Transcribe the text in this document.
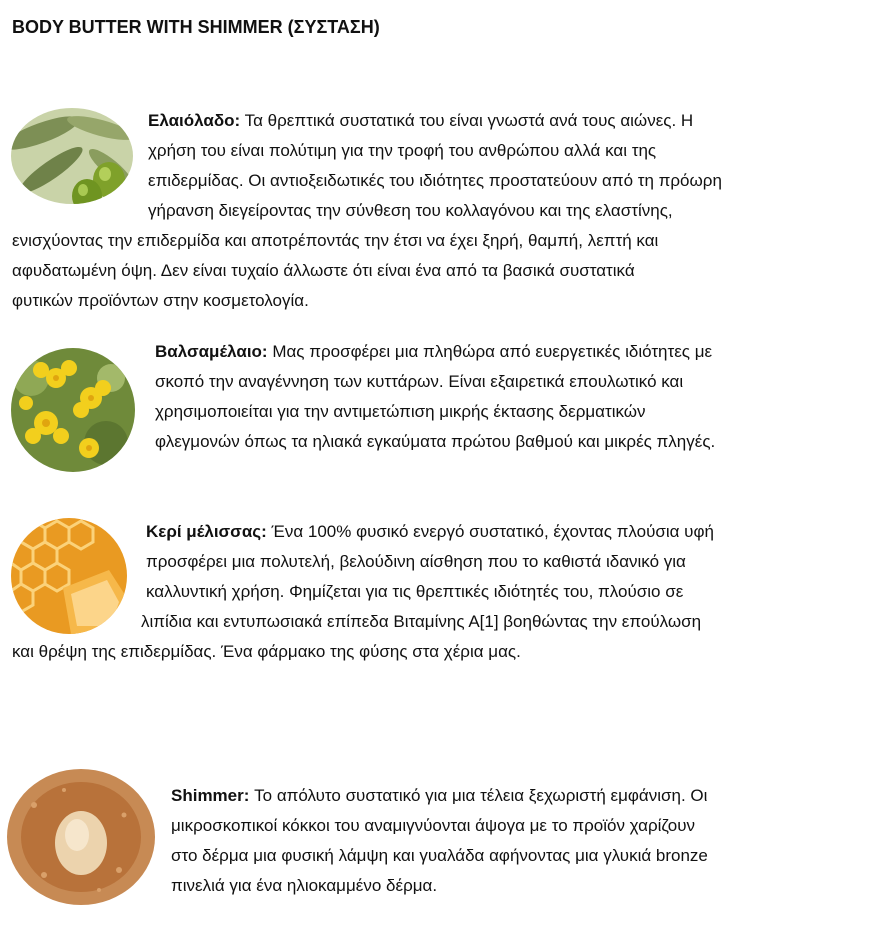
BODY BUTTER WITH SHIMMER (ΣΥΣΤΑΣΗ)
Ελαιόλαδο: Τα θρεπτικά συστατικά του είναι γνωστά ανά τους αιώνες. Η
χρήση του είναι πολύτιμη για την τροφή του ανθρώπου αλλά και της
επιδερμίδας. Οι αντιοξειδωτικές του ιδιότητες προστατεύουν από τη πρόωρη
γήρανση διεγείροντας την σύνθεση του κολλαγόνου και της ελαστίνης,
ενισχύοντας την επιδερμίδα και αποτρέποντάς την έτσι να έχει ξηρή, θαμπή, λεπτή και
αφυδατωμένη όψη. Δεν είναι τυχαίο άλλωστε ότι είναι ένα από τα βασικά συστατικά
φυτικών προϊόντων στην κοσμετολογία.
Βαλσαμέλαιο: Μας προσφέρει μια πληθώρα από ευεργετικές ιδιότητες με
σκοπό την αναγέννηση των κυττάρων. Είναι εξαιρετικά επουλωτικό και
χρησιμοποιείται για την αντιμετώπιση μικρής έκτασης δερματικών
φλεγμονών όπως τα ηλιακά εγκαύματα πρώτου βαθμού και μικρές πληγές.
Κερί μέλισσας: Ένα 100% φυσικό ενεργό συστατικό, έχοντας πλούσια υφή
προσφέρει μια πολυτελή, βελούδινη αίσθηση που το καθιστά ιδανικό για
καλλυντική χρήση. Φημίζεται για τις θρεπτικές ιδιότητές του, πλούσιο σε
λιπίδια και εντυπωσιακά επίπεδα Βιταμίνης Α[1] βοηθώντας την επούλωση
και θρέψη της επιδερμίδας. Ένα φάρμακο της φύσης στα χέρια μας.
Shimmer: Το απόλυτο συστατικό για μια τέλεια ξεχωριστή εμφάνιση. Οι
μικροσκοπικοί κόκκοι του αναμιγνύονται άψογα με το προϊόν χαρίζουν
στο δέρμα μια φυσική λάμψη και γυαλάδα αφήνοντας μια γλυκιά bronze
πινελιά για ένα ηλιοκαμμένο δέρμα.
